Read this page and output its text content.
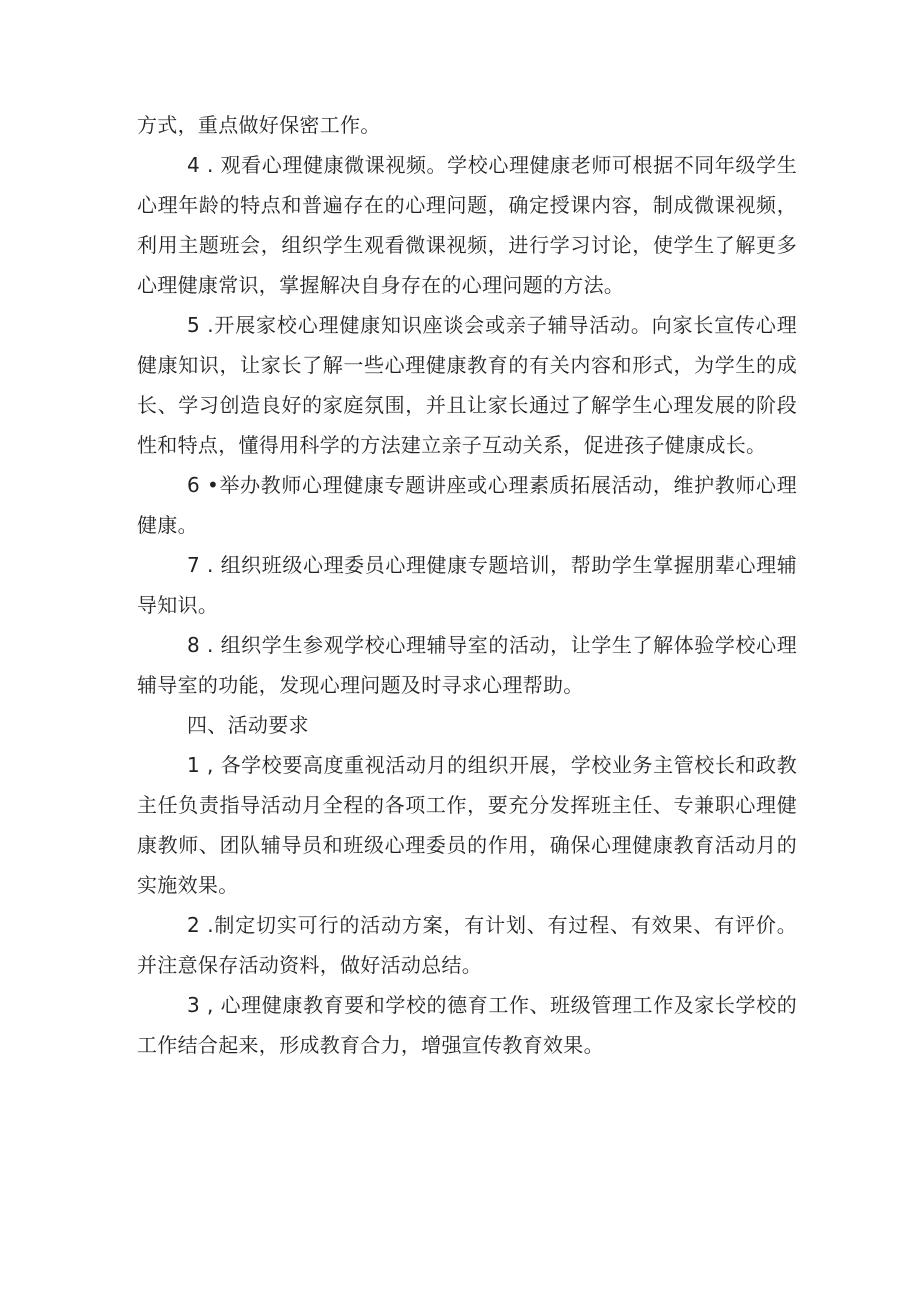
方式，重点做好保密工作。

4 . 观看心理健康微课视频。学校心理健康老师可根据不同年级学生心理年龄的特点和普遍存在的心理问题，确定授课内容，制成微课视频，利用主题班会，组织学生观看微课视频，进行学习讨论，使学生了解更多心理健康常识，掌握解决自身存在的心理问题的方法。

5 .开展家校心理健康知识座谈会或亲子辅导活动。向家长宣传心理健康知识，让家长了解一些心理健康教育的有关内容和形式，为学生的成长、学习创造良好的家庭氛围，并且让家长通过了解学生心理发展的阶段性和特点，懂得用科学的方法建立亲子互动关系，促进孩子健康成长。

6 •举办教师心理健康专题讲座或心理素质拓展活动，维护教师心理健康。

7 . 组织班级心理委员心理健康专题培训，帮助学生掌握朋辈心理辅导知识。

8 . 组织学生参观学校心理辅导室的活动，让学生了解体验学校心理辅导室的功能，发现心理问题及时寻求心理帮助。

四、活动要求

1 , 各学校要高度重视活动月的组织开展，学校业务主管校长和政教主任负责指导活动月全程的各项工作，要充分发挥班主任、专兼职心理健康教师、团队辅导员和班级心理委员的作用，确保心理健康教育活动月的实施效果。

2 .制定切实可行的活动方案，有计划、有过程、有效果、有评价。并注意保存活动资料，做好活动总结。

3 , 心理健康教育要和学校的德育工作、班级管理工作及家长学校的工作结合起来，形成教育合力，增强宣传教育效果。
